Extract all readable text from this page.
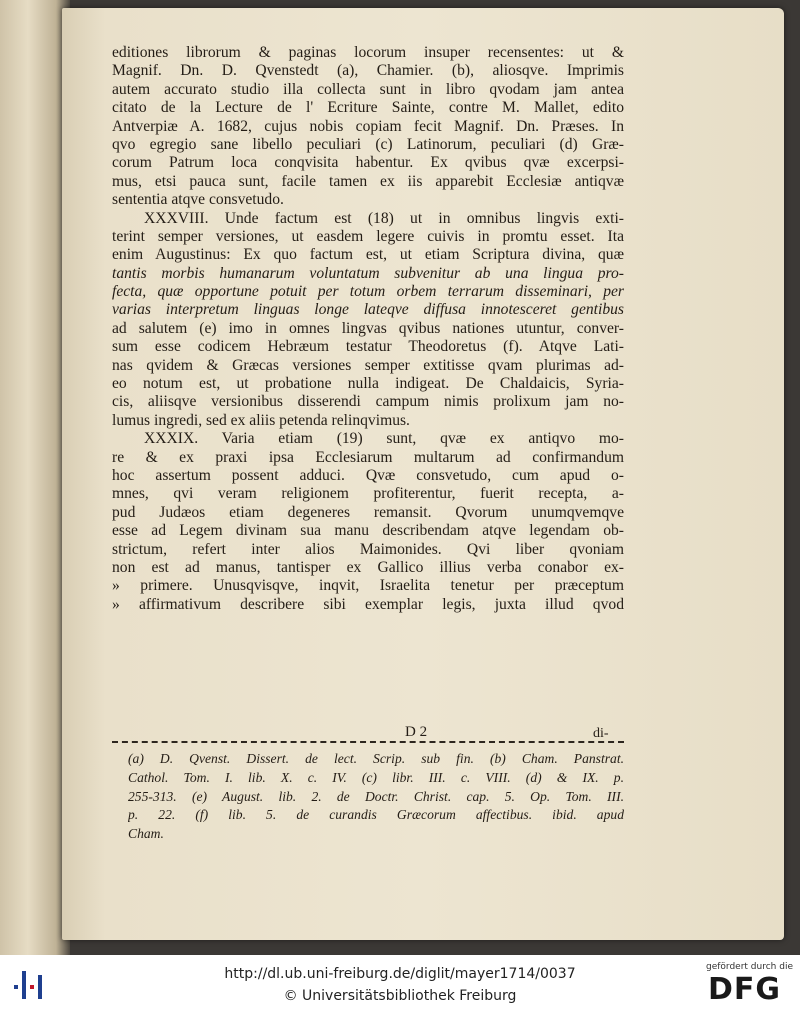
editiones librorum & paginas locorum insuper recensentes: ut &
Magnif. Dn. D. Qvenstedt (a), Chamier. (b), aliosqve. Imprimis
autem accurato studio illa collecta sunt in libro qvodam jam antea
citato de la Lecture de l' Ecriture Sainte, contre M. Mallet, edito
Antverpiæ A. 1682, cujus nobis copiam fecit Magnif. Dn. Præses. In
qvo egregio sane libello peculiari (c) Latinorum, peculiari (d) Græ-
corum Patrum loca conqvisita habentur. Ex qvibus qvæ excerpsi-
mus, etsi pauca sunt, facile tamen ex iis apparebit Ecclesiæ antiqvæ
sententia atqve consvetudo.
XXXVIII. Unde factum est (18) ut in omnibus lingvis exti-
terint semper versiones, ut easdem legere cuivis in promtu esset. Ita
enim Augustinus: Ex quo factum est, ut etiam Scriptura divina, quæ
tantis morbis humanarum voluntatum subvenitur ab una lingua pro-
fecta, quæ opportune potuit per totum orbem terrarum disseminari, per
varias interpretum linguas longe lateqve diffusa innotesceret gentibus
ad salutem (e) imo in omnes lingvas qvibus nationes utuntur, conver-
sum esse codicem Hebræum testatur Theodoretus (f). Atqve Lati-
nas qvidem & Græcas versiones semper extitisse qvam plurimas ad-
eo notum est, ut probatione nulla indigeat. De Chaldaicis, Syria-
cis, aliisqve versionibus disserendi campum nimis prolixum jam no-
lumus ingredi, sed ex aliis petenda relinqvimus.
XXXIX. Varia etiam (19) sunt, qvæ ex antiqvo mo-
re & ex praxi ipsa Ecclesiarum multarum ad confirmandum
hoc assertum possent adduci. Qvæ consvetudo, cum apud o-
mnes, qvi veram religionem profiterentur, fuerit recepta, a-
pud Judæos etiam degeneres remansit. Qvorum unumqvemqve
esse ad Legem divinam sua manu describendam atqve legendam ob-
strictum, refert inter alios Maimonides. Qvi liber qvoniam
non est ad manus, tantisper ex Gallico illius verba conabor ex-
» primere. Unusqvisqve, inqvit, Israelita tenetur per præceptum
» affirmativum describere sibi exemplar legis, juxta illud qvod
D 2	di-
(a) D. Qvenst. Dissert. de lect. Scrip. sub fin. (b) Cham. Panstrat.
Cathol. Tom. I. lib. X. c. IV. (c) libr. III. c. VIII. (d) & IX. p.
255-313. (e) August. lib. 2. de Doctr. Christ. cap. 5. Op. Tom. III.
p. 22. (f) lib. 5. de curandis Græcorum affectibus. ibid. apud
Cham.
http://dl.ub.uni-freiburg.de/diglit/mayer1714/0037
© Universitätsbibliothek Freiburg
gefördert durch die
DFG
